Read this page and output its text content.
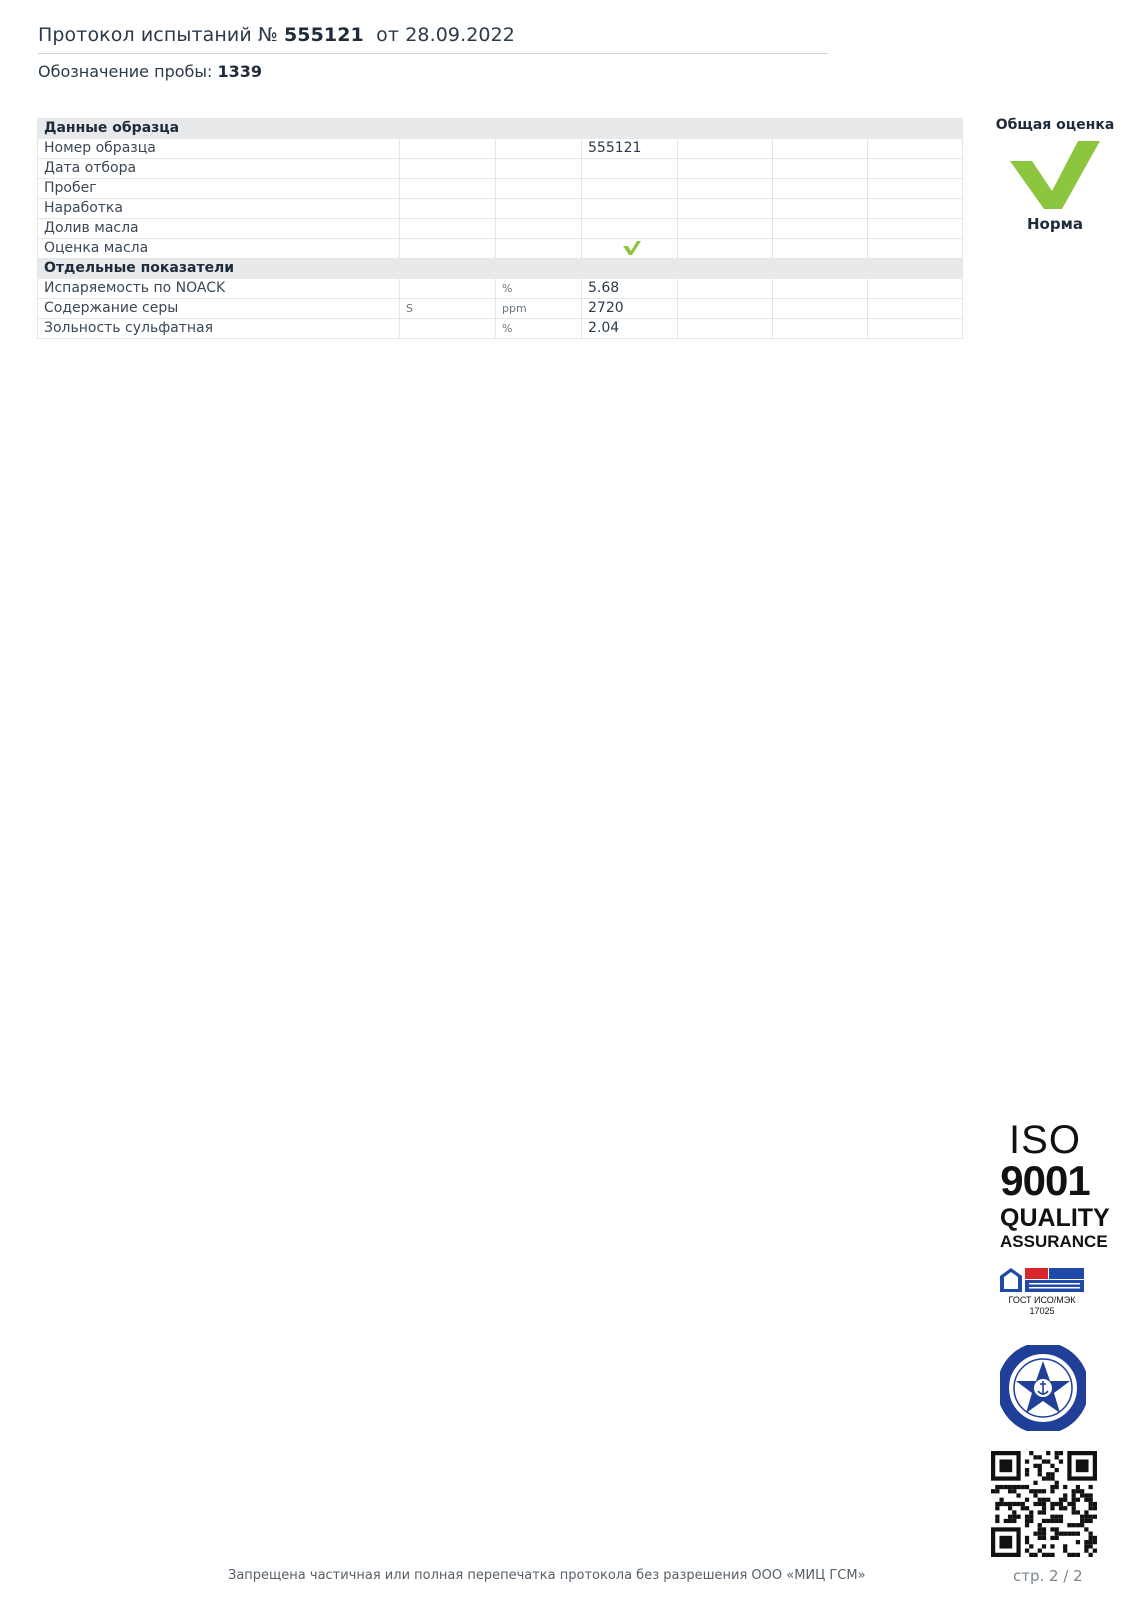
Протокол испытаний № 555121 от 28.09.2022
Обозначение пробы: 1339
Данные образца						
Номер образца			555121			
Дата отбора						
Пробег						
Наработка						
Долив масла						
Оценка масла						
Отдельные показатели						
Испаряемость по NOACK		%	5.68			
Содержание серы	S	ppm	2720			
Зольность сульфатная		%	2.04			
Общая оценка
Норма
ISO
9001
QUALITY
ASSURANCE
ГОСТ ИСО/МЭК
17025
Запрещена частичная или полная перепечатка протокола без разрешения ООО «МИЦ ГСМ»	стр. 2 / 2
